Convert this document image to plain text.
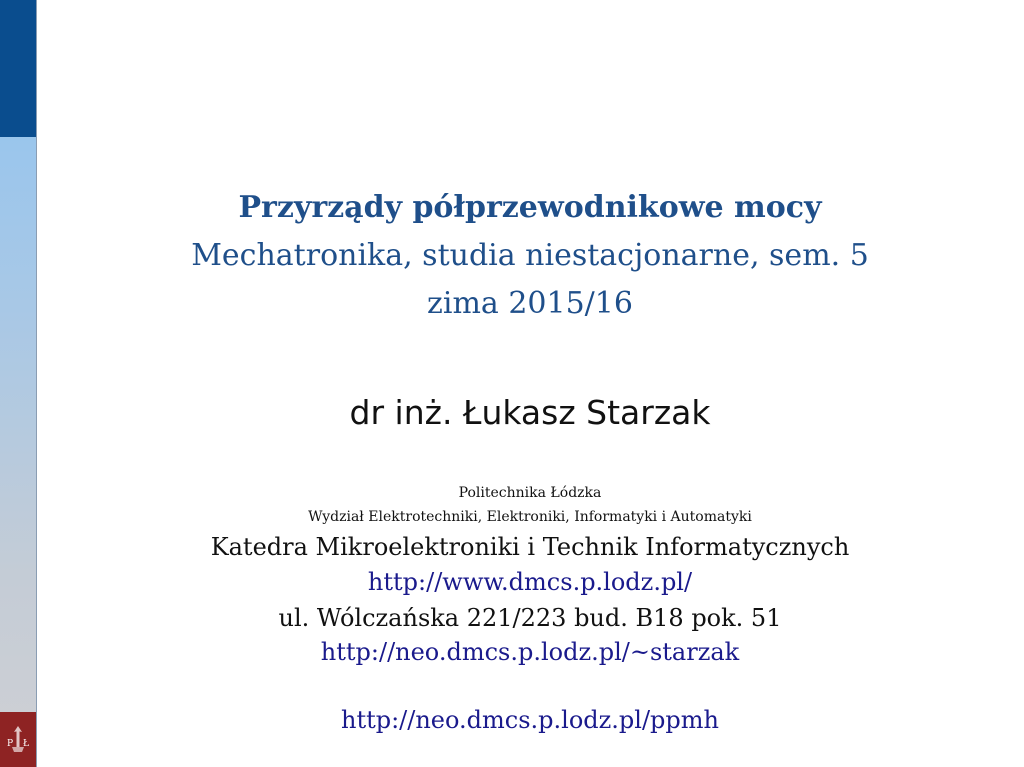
P Ł
Przyrządy półprzewodnikowe mocy
Mechatronika, studia niestacjonarne, sem. 5
zima 2015/16
dr inż. Łukasz Starzak
Politechnika Łódzka
Wydział Elektrotechniki, Elektroniki, Informatyki i Automatyki
Katedra Mikroelektroniki i Technik Informatycznych
http://www.dmcs.p.lodz.pl/
ul. Wólczańska 221/223 bud. B18 pok. 51
http://neo.dmcs.p.lodz.pl/~starzak
http://neo.dmcs.p.lodz.pl/ppmh
